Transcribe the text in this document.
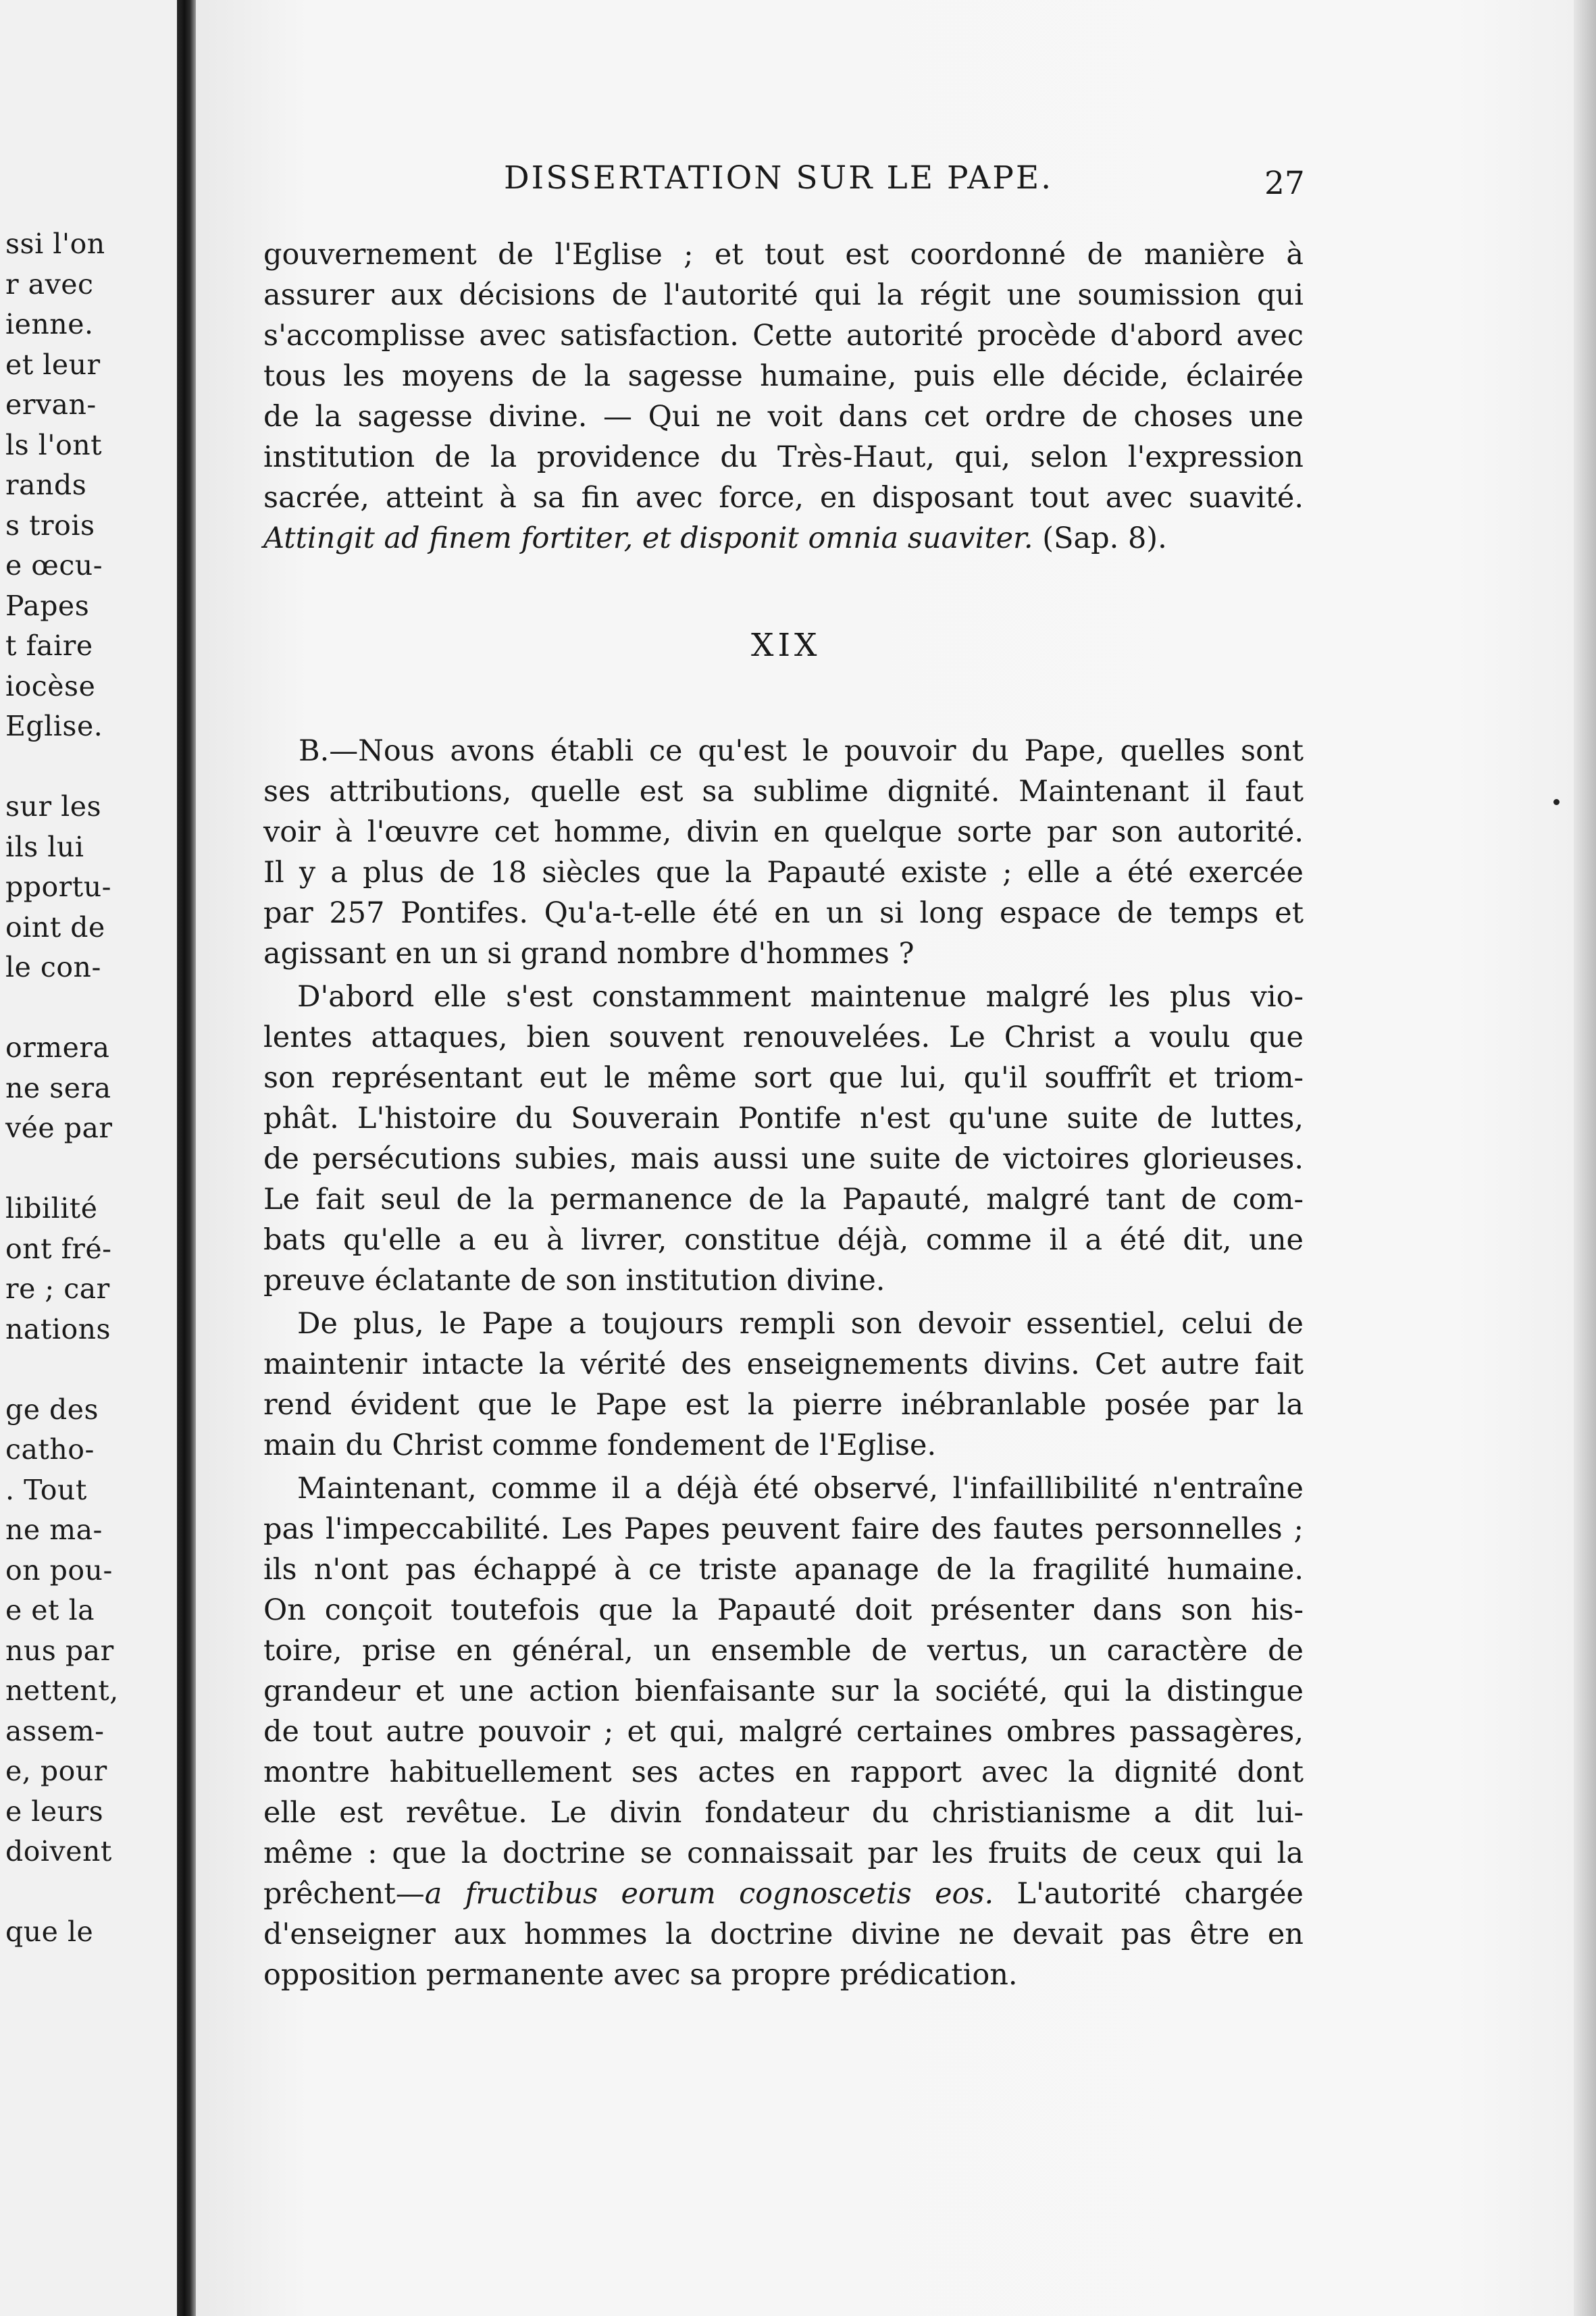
ssi l'on
r avec
ienne.
et leur
ervan-
ls l'ont
rands
s trois
e œcu-
Papes
t faire
iocèse
Eglise.
sur les
ils lui
pportu-
oint de
le con-
ormera
ne sera
vée par
libilité
ont fré-
re ; car
nations
ge des
catho-
. Tout
ne ma-
on pou-
e et la
nus par
nettent,
assem-
e, pour
e leurs
doivent
que le
DISSERTATION SUR LE PAPE.	27
gouvernement de l'Eglise ; et tout est coordonné de manière à
assurer aux décisions de l'autorité qui la régit une soumission qui
s'accomplisse avec satisfaction. Cette autorité procède d'abord avec
tous les moyens de la sagesse humaine, puis elle décide, éclairée
de la sagesse divine. — Qui ne voit dans cet ordre de choses une
institution de la providence du Très-Haut, qui, selon l'expression
sacrée, atteint à sa fin avec force, en disposant tout avec suavité.
Attingit ad finem fortiter, et disponit omnia suaviter. (Sap. 8).
XIX
B.—Nous avons établi ce qu'est le pouvoir du Pape, quelles sont
ses attributions, quelle est sa sublime dignité. Maintenant il faut
voir à l'œuvre cet homme, divin en quelque sorte par son autorité.
Il y a plus de 18 siècles que la Papauté existe ; elle a été exercée
par 257 Pontifes. Qu'a-t-elle été en un si long espace de temps et
agissant en un si grand nombre d'hommes ?
D'abord elle s'est constamment maintenue malgré les plus vio-
lentes attaques, bien souvent renouvelées. Le Christ a voulu que
son représentant eut le même sort que lui, qu'il souffrît et triom-
phât. L'histoire du Souverain Pontife n'est qu'une suite de luttes,
de persécutions subies, mais aussi une suite de victoires glorieuses.
Le fait seul de la permanence de la Papauté, malgré tant de com-
bats qu'elle a eu à livrer, constitue déjà, comme il a été dit, une
preuve éclatante de son institution divine.
De plus, le Pape a toujours rempli son devoir essentiel, celui de
maintenir intacte la vérité des enseignements divins. Cet autre fait
rend évident que le Pape est la pierre inébranlable posée par la
main du Christ comme fondement de l'Eglise.
Maintenant, comme il a déjà été observé, l'infaillibilité n'entraîne
pas l'impeccabilité. Les Papes peuvent faire des fautes personnelles ;
ils n'ont pas échappé à ce triste apanage de la fragilité humaine.
On conçoit toutefois que la Papauté doit présenter dans son his-
toire, prise en général, un ensemble de vertus, un caractère de
grandeur et une action bienfaisante sur la société, qui la distingue
de tout autre pouvoir ; et qui, malgré certaines ombres passagères,
montre habituellement ses actes en rapport avec la dignité dont
elle est revêtue. Le divin fondateur du christianisme a dit lui-
même : que la doctrine se connaissait par les fruits de ceux qui la
prêchent—a fructibus eorum cognoscetis eos. L'autorité chargée
d'enseigner aux hommes la doctrine divine ne devait pas être en
opposition permanente avec sa propre prédication.
